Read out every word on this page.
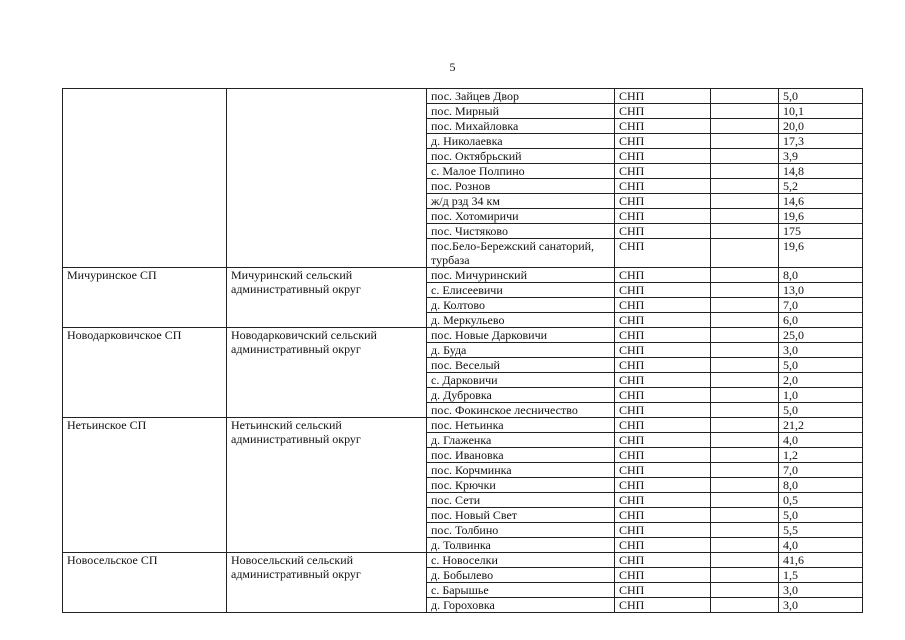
5
		пос. Зайцев Двор	СНП		5,0
		пос. Мирный	СНП		10,1
		пос. Михайловка	СНП		20,0
		д. Николаевка	СНП		17,3
		пос. Октябрьский	СНП		3,9
		с. Малое Полпино	СНП		14,8
		пос. Рознов	СНП		5,2
		ж/д рзд 34 км	СНП		14,6
		пос. Хотомиричи	СНП		19,6
		пос. Чистяково	СНП		175
		пос.Бело-Бережский санаторий, турбаза	СНП		19,6
Мичуринское СП	Мичуринский сельский административный округ	пос. Мичуринский	СНП		8,0
		с. Елисеевичи	СНП		13,0
		д. Колтово	СНП		7,0
		д. Меркульево	СНП		6,0
Новодарковичское СП	Новодарковичский сельский административный округ	пос. Новые Дарковичи	СНП		25,0
		д. Буда	СНП		3,0
		пос. Веселый	СНП		5,0
		с. Дарковичи	СНП		2,0
		д. Дубровка	СНП		1,0
		пос. Фокинское лесничество	СНП		5,0
Нетьинское СП	Нетьинский сельский административный округ	пос. Нетьинка	СНП		21,2
		д. Глаженка	СНП		4,0
		пос. Ивановка	СНП		1,2
		пос. Корчминка	СНП		7,0
		пос. Крючки	СНП		8,0
		пос. Сети	СНП		0,5
		пос. Новый Свет	СНП		5,0
		пос. Толбино	СНП		5,5
		д. Толвинка	СНП		4,0
Новосельское СП	Новосельский сельский административный округ	с. Новоселки	СНП		41,6
		д. Бобылево	СНП		1,5
		с. Барышье	СНП		3,0
		д. Гороховка	СНП		3,0
